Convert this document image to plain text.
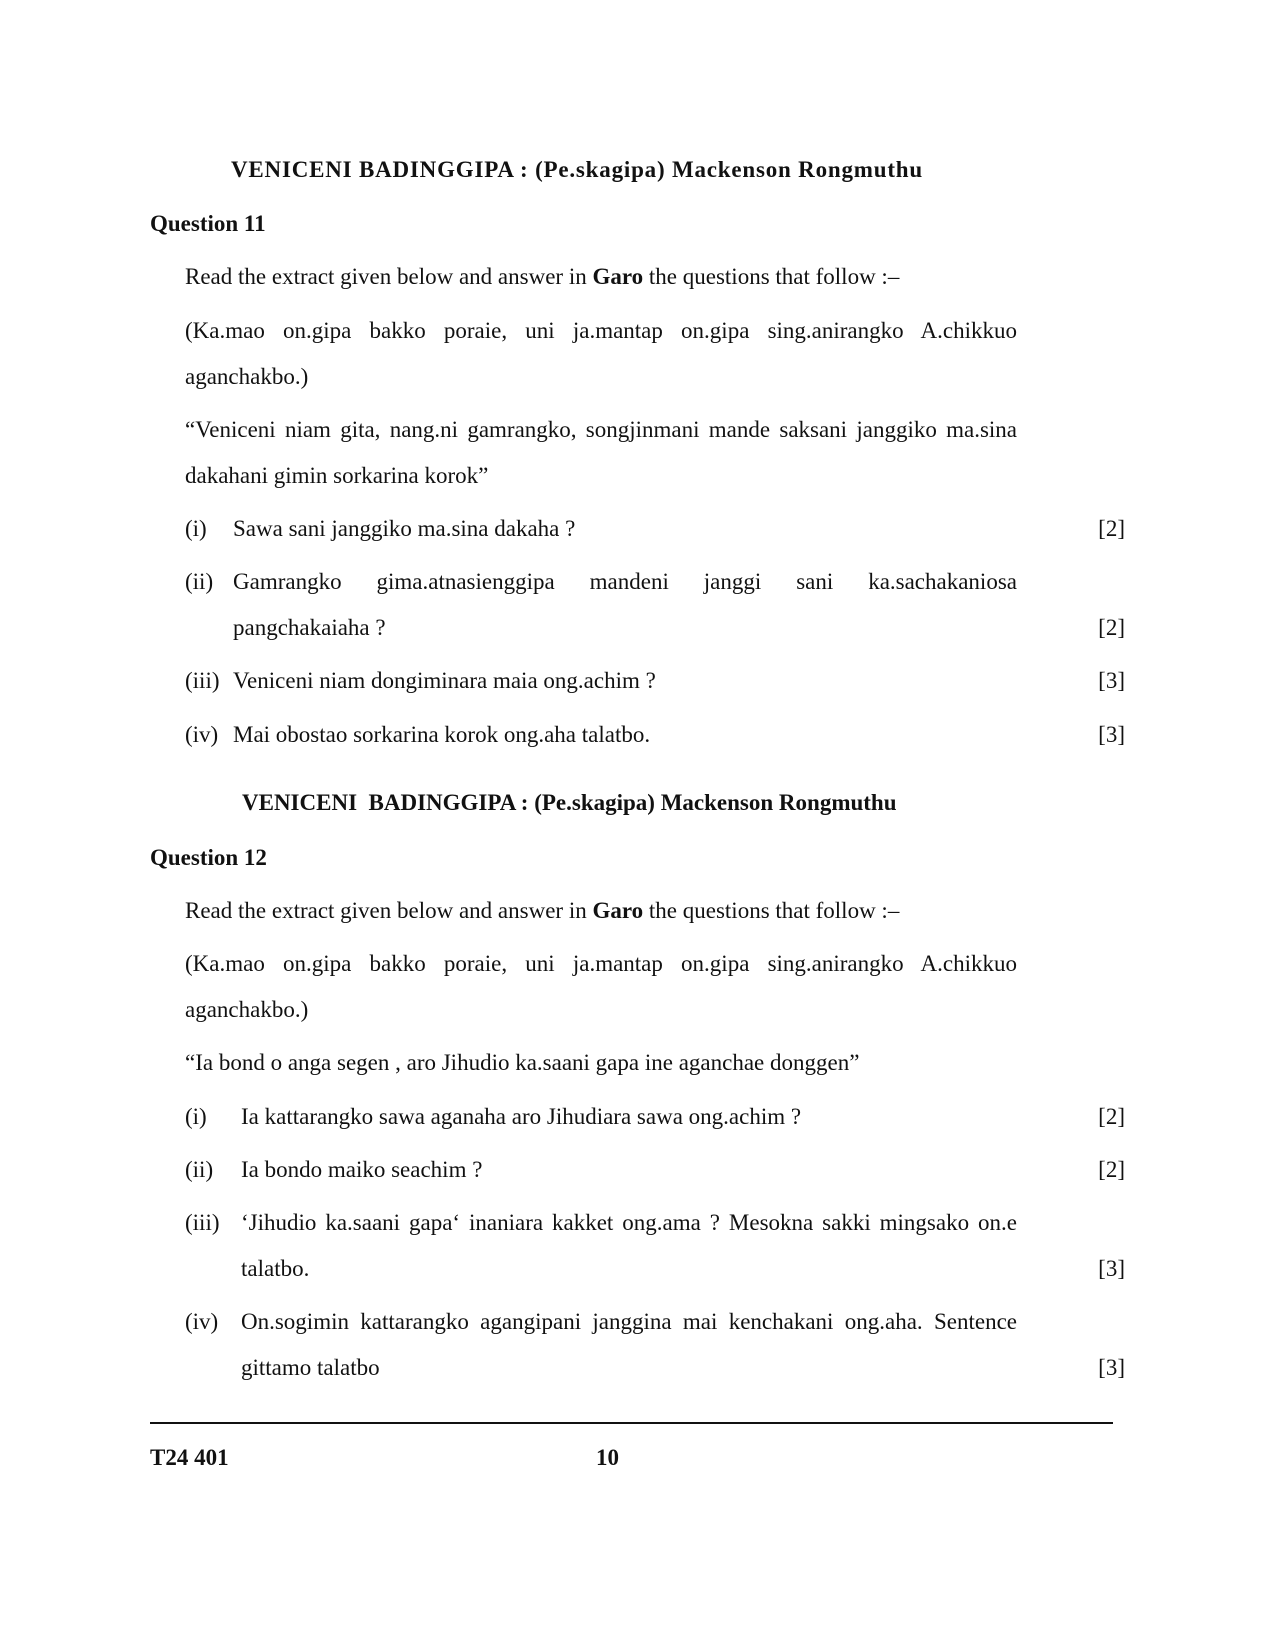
VENICENI BADINGGIPA : (Pe.skagipa) Mackenson Rongmuthu
Question 11
Read the extract given below and answer in Garo the questions that follow :–
(Ka.mao on.gipa bakko poraie, uni ja.mantap on.gipa sing.anirangko A.chikkuo
aganchakbo.)
“Veniceni niam gita, nang.ni gamrangko, songjinmani mande saksani janggiko ma.sina
dakahani gimin sorkarina korok”
(i) Sawa sani janggiko ma.sina dakaha ?	[2]
(ii) Gamrangko gima.atnasienggipa mandeni janggi sani ka.sachakaniosa
pangchakaiaha ?	[2]
(iii) Veniceni niam dongiminara maia ong.achim ?	[3]
(iv) Mai obostao sorkarina korok ong.aha talatbo.	[3]
VENICENI  BADINGGIPA : (Pe.skagipa) Mackenson Rongmuthu
Question 12
Read the extract given below and answer in Garo the questions that follow :–
(Ka.mao on.gipa bakko poraie, uni ja.mantap on.gipa sing.anirangko A.chikkuo
aganchakbo.)
“Ia bond o anga segen , aro Jihudio ka.saani gapa ine aganchae donggen”
(i) Ia kattarangko sawa aganaha aro Jihudiara sawa ong.achim ?	[2]
(ii) Ia bondo maiko seachim ?	[2]
(iii) ‘Jihudio ka.saani gapa‘ inaniara kakket ong.ama ? Mesokna sakki mingsako on.e
talatbo.	[3]
(iv) On.sogimin kattarangko agangipani janggina mai kenchakani ong.aha. Sentence
gittamo talatbo	[3]
T24 401	10
